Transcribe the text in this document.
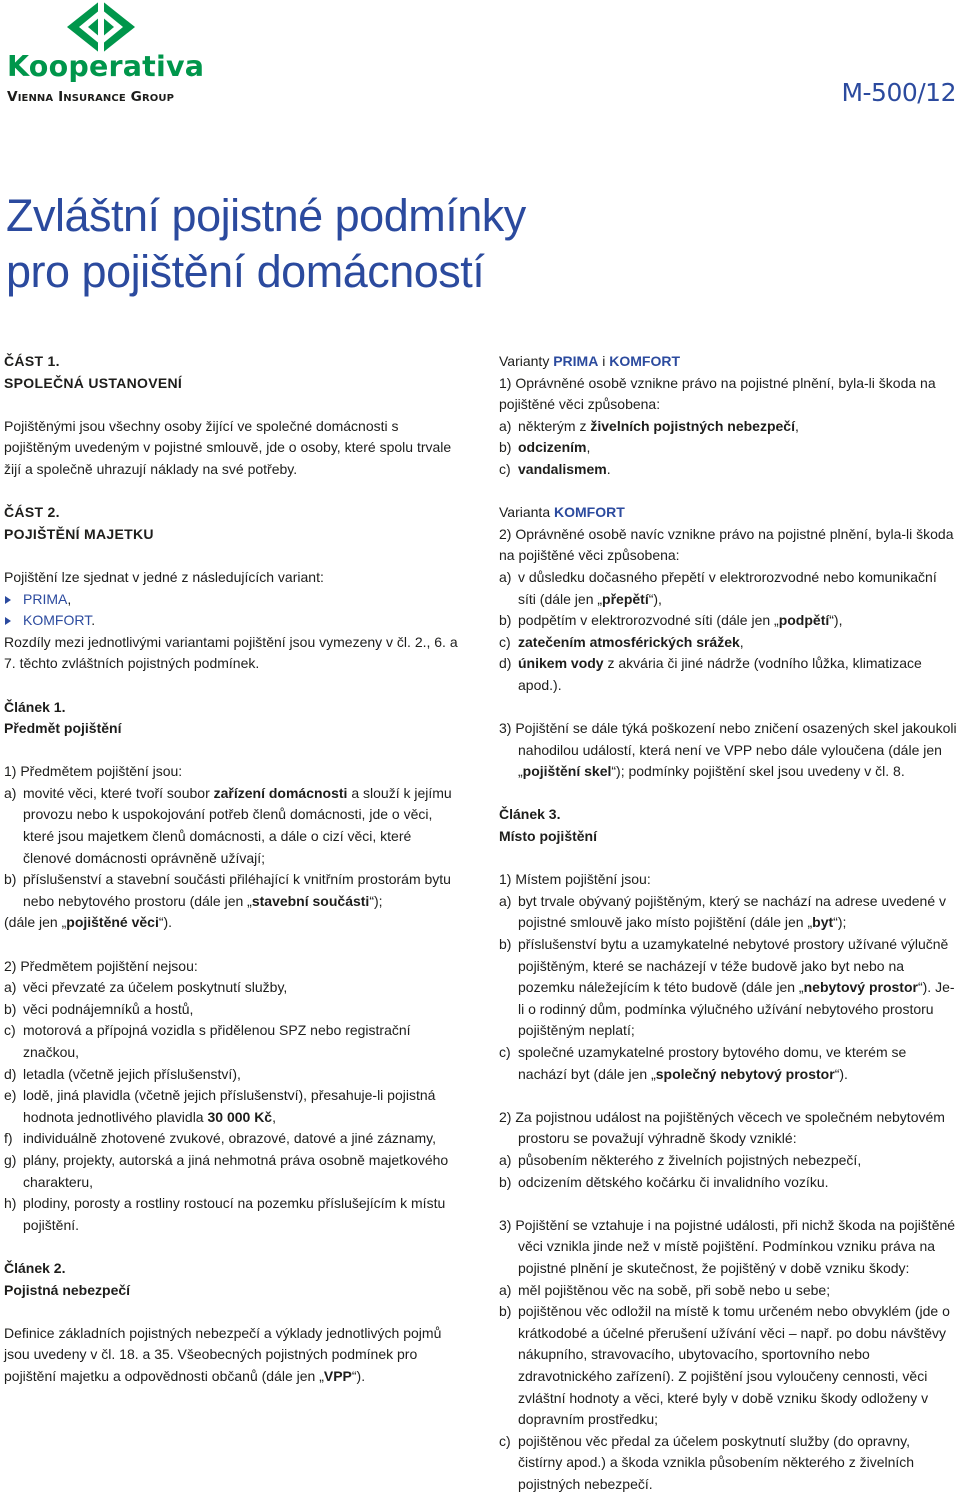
Kooperativa
Vienna Insurance Group	M-500/12
Zvláštní pojistné podmínky
pro pojištění domácností

ČÁST 1.

SPOLEČNÁ USTANOVENÍ

Pojištěnými jsou všechny osoby žijící ve společné domácnosti s pojištěným uvedeným v pojistné smlouvě, jde o osoby, které spolu trvale žijí a společně uhrazují náklady na své potřeby.

ČÁST 2.

POJIŠTĚNÍ MAJETKU

Pojištění lze sjednat v jedné z následujících variant:

PRIMA,

KOMFORT.

Rozdíly mezi jednotlivými variantami pojištění jsou vymezeny v čl. 2., 6. a 7. těchto zvláštních pojistných podmínek.

Článek 1.

Předmět pojištění

1) Předmětem pojištění jsou:

a) movité věci, které tvoří soubor zařízení domácnosti a slouží k jejímu provozu nebo k uspokojování potřeb členů domácnosti, jde o věci, které jsou majetkem členů domácnosti, a dále o cizí věci, které členové domácnosti oprávněně užívají;

b) příslušenství a stavební součásti přiléhající k vnitřním prostorám bytu nebo nebytového prostoru (dále jen „stavební součásti“);

(dále jen „pojištěné věci“).

2) Předmětem pojištění nejsou:

a) věci převzaté za účelem poskytnutí služby,

b) věci podnájemníků a hostů,

c) motorová a přípojná vozidla s přidělenou SPZ nebo registrační značkou,

d) letadla (včetně jejich příslušenství),

e) lodě, jiná plavidla (včetně jejich příslušenství), přesahuje-li pojistná hodnota jednotlivého plavidla 30 000 Kč,

f) individuálně zhotovené zvukové, obrazové, datové a jiné záznamy,

g) plány, projekty, autorská a jiná nehmotná práva osobně majetkového charakteru,

h) plodiny, porosty a rostliny rostoucí na pozemku příslušejícím k místu pojištění.

Článek 2.

Pojistná nebezpečí

Definice základních pojistných nebezpečí a výklady jednotlivých pojmů jsou uvedeny v čl. 18. a 35. Všeobecných pojistných podmínek pro pojištění majetku a odpovědnosti občanů (dále jen „VPP“).

Varianty PRIMA i KOMFORT

1) Oprávněné osobě vznikne právo na pojistné plnění, byla-li škoda na pojištěné věci způsobena:

a) některým z živelních pojistných nebezpečí,

b) odcizením,

c) vandalismem.

Varianta KOMFORT

2) Oprávněné osobě navíc vznikne právo na pojistné plnění, byla-li škoda na pojištěné věci způsobena:

a) v důsledku dočasného přepětí v elektrorozvodné nebo komunikační síti (dále jen „přepětí“),

b) podpětím v elektrorozvodné síti (dále jen „podpětí“),

c) zatečením atmosférických srážek,

d) únikem vody z akvária či jiné nádrže (vodního lůžka, klimatizace apod.).

3) Pojištění se dále týká poškození nebo zničení osazených skel jakoukoli nahodilou událostí, která není ve VPP nebo dále vyloučena (dále jen „pojištění skel“); podmínky pojištění skel jsou uvedeny v čl. 8.

Článek 3.

Místo pojištění

1) Místem pojištění jsou:

a) byt trvale obývaný pojištěným, který se nachází na adrese uvedené v pojistné smlouvě jako místo pojištění (dále jen „byt“);

b) příslušenství bytu a uzamykatelné nebytové prostory užívané výlučně pojištěným, které se nacházejí v téže budově jako byt nebo na pozemku náležejícím k této budově (dále jen „nebytový prostor“). Je-li o rodinný dům, podmínka výlučného užívání nebytového prostoru pojištěným neplatí;

c) společné uzamykatelné prostory bytového domu, ve kterém se nachází byt (dále jen „společný nebytový prostor“).

2) Za pojistnou událost na pojištěných věcech ve společném nebytovém prostoru se považují výhradně škody vzniklé:

a) působením některého z živelních pojistných nebezpečí,

b) odcizením dětského kočárku či invalidního vozíku.

3) Pojištění se vztahuje i na pojistné události, při nichž škoda na pojištěné věci vznikla jinde než v místě pojištění. Podmínkou vzniku práva na pojistné plnění je skutečnost, že pojištěný v době vzniku škody:

a) měl pojištěnou věc na sobě, při sobě nebo u sebe;

b) pojištěnou věc odložil na místě k tomu určeném nebo obvyklém (jde o krátkodobé a účelné přerušení užívání věci – např. po dobu návštěvy nákupního, stravovacího, ubytovacího, sportovního nebo zdravotnického zařízení). Z pojištění jsou vyloučeny cennosti, věci zvláštní hodnoty a věci, které byly v době vzniku škody odloženy v dopravním prostředku;

c) pojištěnou věc předal za účelem poskytnutí služby (do opravny, čistírny apod.) a škoda vznikla působením některého z živelních pojistných nebezpečí.
